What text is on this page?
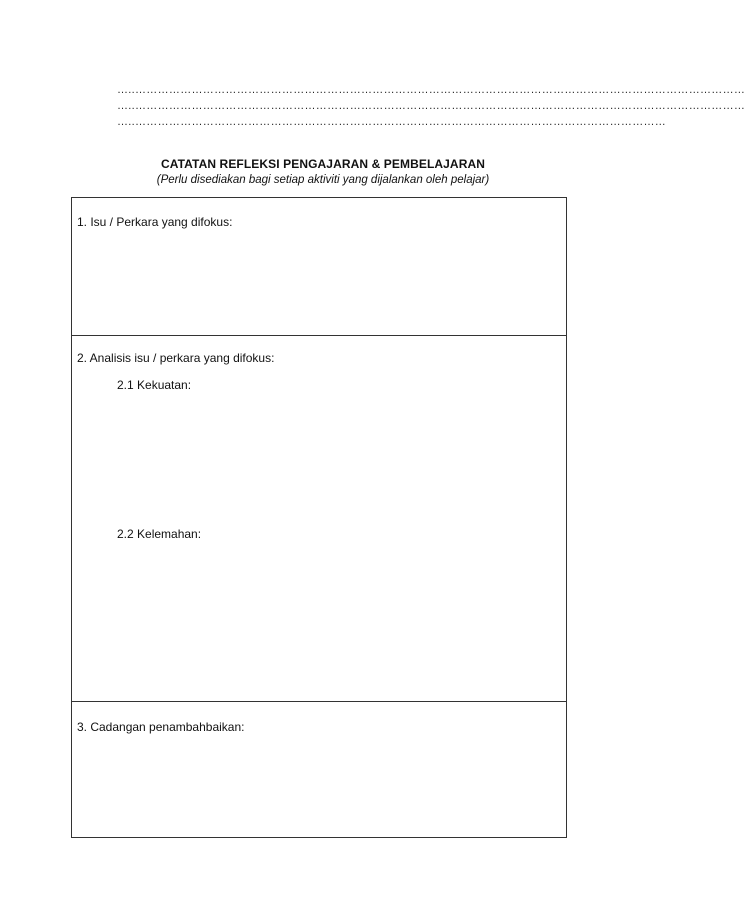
…..………………………………………………………………………………………………………………………………………………
…..………………………………………………………………………………………………………………………………………………
…..……………………………………………………………………………………………………………………………
CATATAN REFLEKSI PENGAJARAN & PEMBELAJARAN
(Perlu disediakan bagi setiap aktiviti yang dijalankan oleh pelajar)
1. Isu / Perkara yang difokus:
2. Analisis isu / perkara yang difokus:
2.1 Kekuatan:
2.2 Kelemahan:
3. Cadangan penambahbaikan:
